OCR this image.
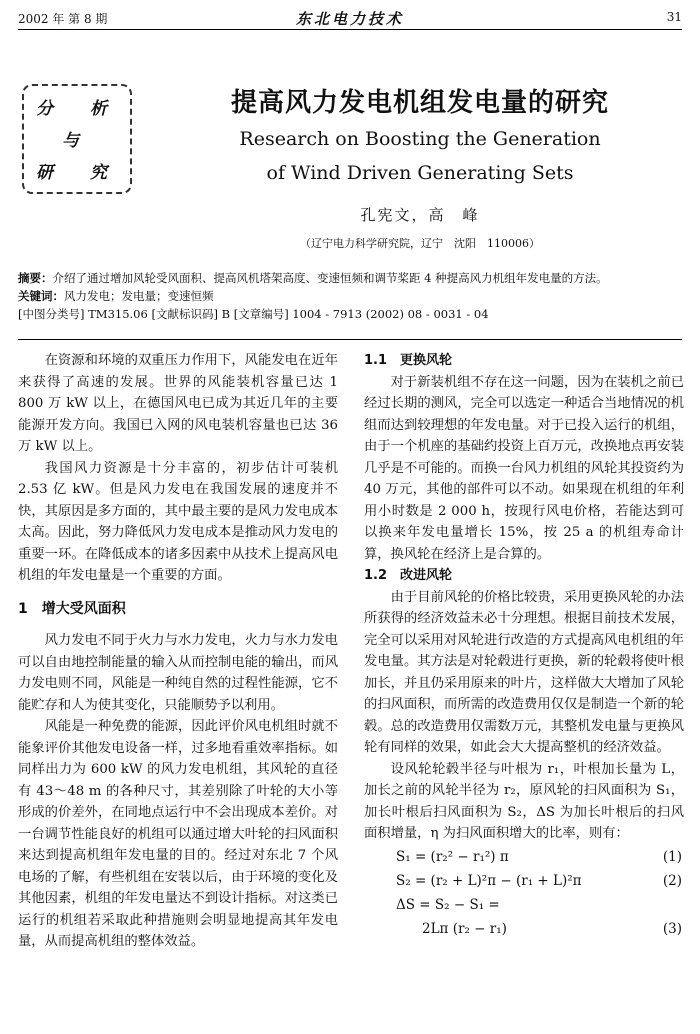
2002 年 第 8 期	东北电力技术	31
分 析
与
研 究
提高风力发电机组发电量的研究
Research on Boosting the Generation
of Wind Driven Generating Sets
孔宪文，高　峰
（辽宁电力科学研究院，辽宁　沈阳　110006）
摘要：介绍了通过增加风轮受风面积、提高风机塔架高度、变速恒频和调节桨距 4 种提高风力机组年发电量的方法。
关键词：风力发电；发电量；变速恒频
[中图分类号] TM315.06 [文献标识码] B [文章编号] 1004 - 7913 (2002) 08 - 0031 - 04

在资源和环境的双重压力作用下，风能发电在近年来获得了高速的发展。世界的风能装机容量已达 1 800 万 kW 以上，在德国风电已成为其近几年的主要能源开发方向。我国已入网的风电装机容量也已达 36 万 kW 以上。

我国风力资源是十分丰富的，初步估计可装机 2.53 亿 kW。但是风力发电在我国发展的速度并不快，其原因是多方面的，其中最主要的是风力发电成本太高。因此，努力降低风力发电成本是推动风力发电的重要一环。在降低成本的诸多因素中从技术上提高风电机组的年发电量是一个重要的方面。

1　增大受风面积

风力发电不同于火力与水力发电，火力与水力发电可以自由地控制能量的输入从而控制电能的输出，而风力发电则不同，风能是一种纯自然的过程性能源，它不能贮存和人为使其变化，只能顺势予以利用。

风能是一种免费的能源，因此评价风电机组时就不能象评价其他发电设备一样，过多地看重效率指标。如同样出力为 600 kW 的风力发电机组，其风轮的直径有 43～48 m 的各种尺寸，其差别除了叶轮的大小等形成的价差外，在同地点运行中不会出现成本差价。对一台调节性能良好的机组可以通过增大叶轮的扫风面积来达到提高机组年发电量的目的。经过对东北 7 个风电场的了解，有些机组在安装以后，由于环境的变化及其他因素，机组的年发电量达不到设计指标。对这类已运行的机组若采取此种措施则会明显地提高其年发电量，从而提高机组的整体效益。

1.1　更换风轮

对于新装机组不存在这一问题，因为在装机之前已经过长期的测风，完全可以选定一种适合当地情况的机组而达到较理想的年发电量。对于已投入运行的机组，由于一个机座的基础约投资上百万元，改换地点再安装几乎是不可能的。而换一台风力机组的风轮其投资约为 40 万元，其他的部件可以不动。如果现在机组的年利用小时数是 2 000 h，按现行风电价格，若能达到可以换来年发电量增长 15%，按 25 a 的机组寿命计算，换风轮在经济上是合算的。

1.2　改进风轮

由于目前风轮的价格比较贵，采用更换风轮的办法所获得的经济效益未必十分理想。根据目前技术发展，完全可以采用对风轮进行改造的方式提高风电机组的年发电量。其方法是对轮毂进行更换，新的轮毂将使叶根加长，并且仍采用原来的叶片，这样做大大增加了风轮的扫风面积，而所需的改造费用仅仅是制造一个新的轮毂。总的改造费用仅需数万元，其整机发电量与更换风轮有同样的效果，如此会大大提高整机的经济效益。

设风轮轮毂半径与叶根为 r₁，叶根加长量为 L，加长之前的风轮半径为 r₂，原风轮的扫风面积为 S₁，加长叶根后扫风面积为 S₂，ΔS 为加长叶根后的扫风面积增量，η 为扫风面积增大的比率，则有：

S₁ = (r₂² − r₁²) π	(1)
S₂ = (r₂ + L)²π − (r₁ + L)²π	(2)
ΔS = S₂ − S₁ =
2Lπ (r₂ − r₁)	(3)
